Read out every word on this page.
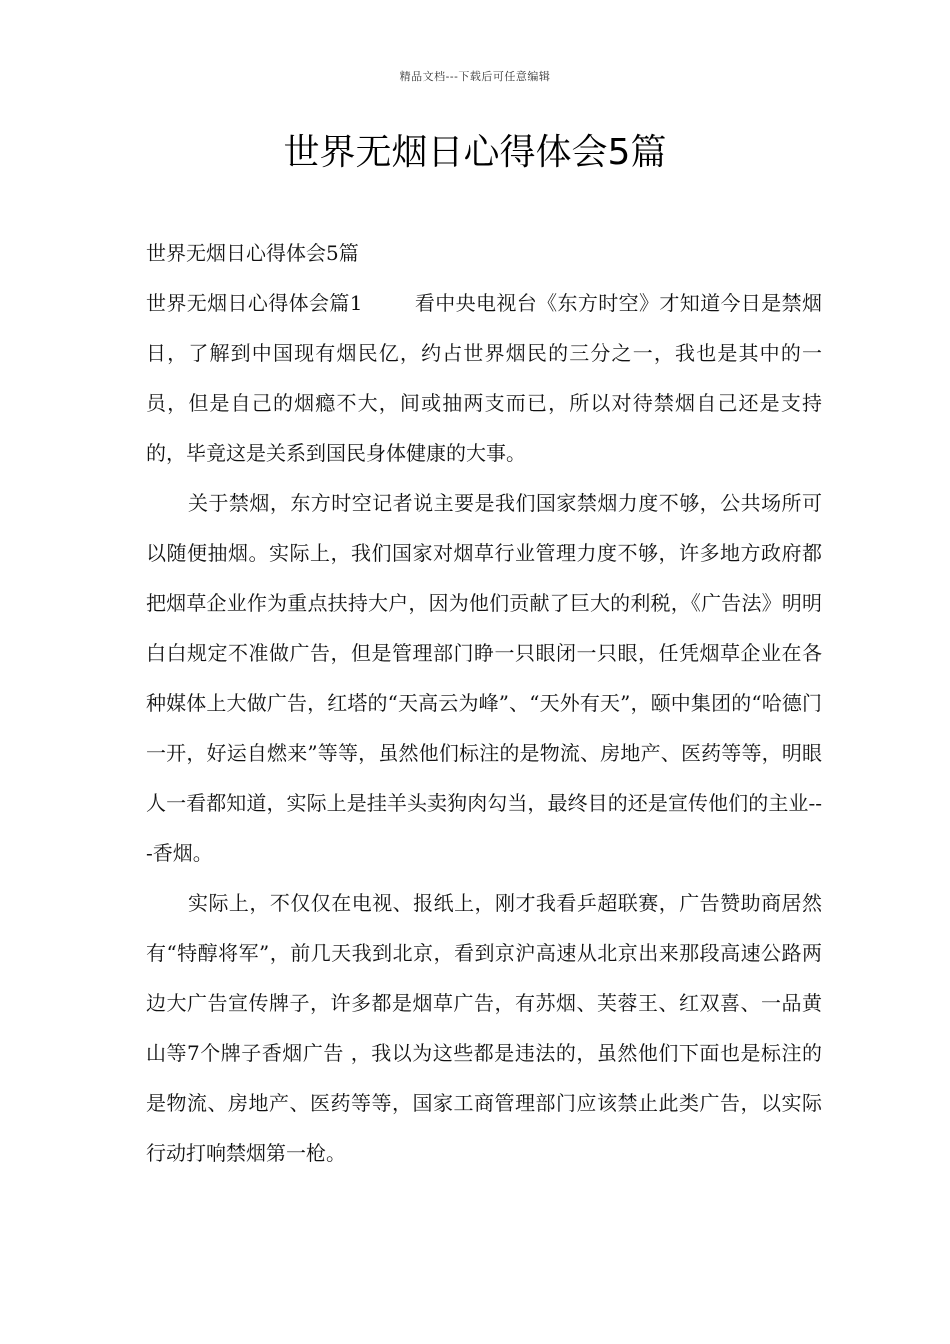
精品文档---下载后可任意编辑
世界无烟日心得体会5篇

世界无烟日心得体会5篇

世界无烟日心得体会篇1	看中央电视台《东方时空》才知道今日是禁烟日，了解到中国现有烟民亿，约占世界烟民的三分之一，我也是其中的一员，但是自己的烟瘾不大，间或抽两支而已，所以对待禁烟自己还是支持的，毕竟这是关系到国民身体健康的大事。

关于禁烟，东方时空记者说主要是我们国家禁烟力度不够，公共场所可以随便抽烟。实际上，我们国家对烟草行业管理力度不够，许多地方政府都把烟草企业作为重点扶持大户，因为他们贡献了巨大的利税，《广告法》明明白白规定不准做广告，但是管理部门睁一只眼闭一只眼，任凭烟草企业在各种媒体上大做广告，红塔的“天高云为峰”、“天外有天”，颐中集团的“哈德门一开，好运自燃来”等等，虽然他们标注的是物流、房地产、医药等等，明眼人一看都知道，实际上是挂羊头卖狗肉勾当，最终目的还是宣传他们的主业---香烟。

实际上，不仅仅在电视、报纸上，刚才我看乒超联赛，广告赞助商居然有“特醇将军”，前几天我到北京，看到京沪高速从北京出来那段高速公路两边大广告宣传牌子，许多都是烟草广告，有苏烟、芙蓉王、红双喜、一品黄山等7个牌子香烟广告 ，我以为这些都是违法的，虽然他们下面也是标注的是物流、房地产、医药等等，国家工商管理部门应该禁止此类广告，以实际行动打响禁烟第一枪。
